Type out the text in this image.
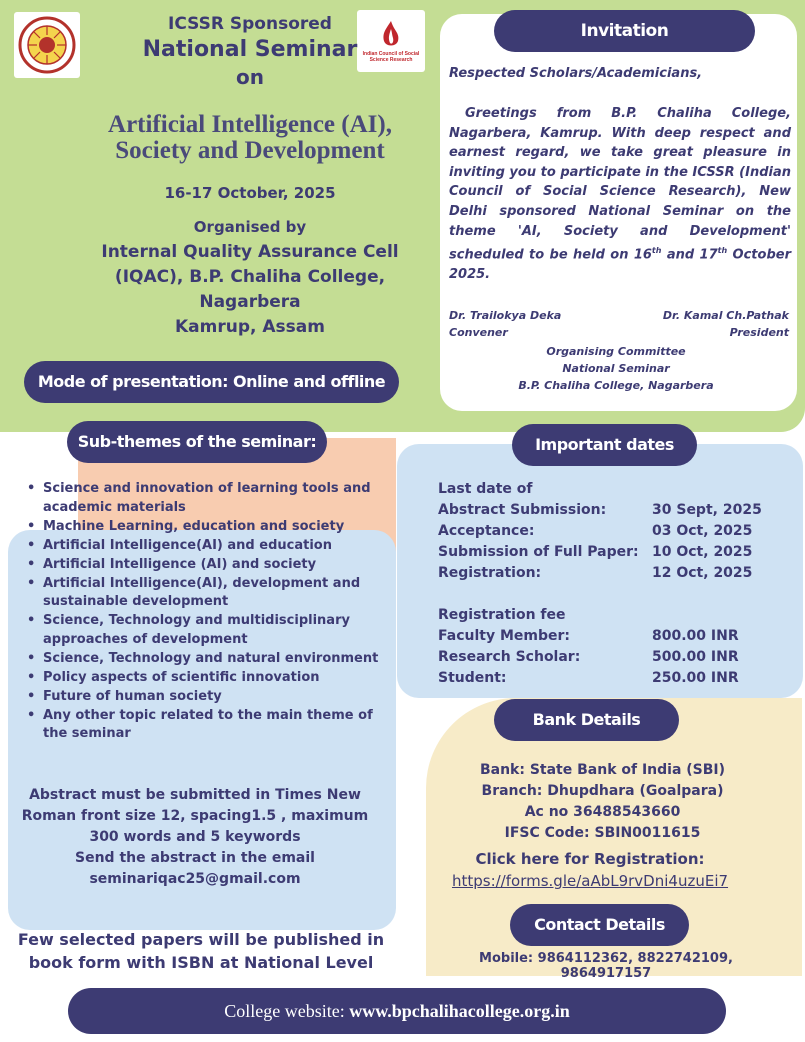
Indian Council of Social Science Research
ICSSR Sponsored
National Seminar
on
Artificial Intelligence (AI),
Society and Development
16-17 October, 2025
Organised by
Internal Quality Assurance Cell
(IQAC), B.P. Chaliha College,
Nagarbera
Kamrup, Assam
Mode of presentation: Online and offline
Invitation
Respected Scholars/Academicians,
Greetings from B.P. Chaliha College, Nagarbera, Kamrup. With deep respect and earnest regard, we take great pleasure in inviting you to participate in the ICSSR (Indian Council of Social Science Research), New Delhi sponsored National Seminar on the theme 'AI, Society and Development' scheduled to be held on 16th and 17th October 2025.
Dr. Trailokya Deka
Convener
Dr. Kamal Ch.Pathak
President
Organising Committee
National Seminar
B.P. Chaliha College, Nagarbera
Sub-themes of the seminar:
• Science and innovation of learning tools and academic materials
• Machine Learning, education and society
• Artificial Intelligence(AI) and education
• Artificial Intelligence (AI) and society
• Artificial Intelligence(AI), development and sustainable development
• Science, Technology and multidisciplinary approaches of development
• Science, Technology and natural environment
• Policy aspects of scientific innovation
• Future of human society
• Any other topic related to the main theme of the seminar
Abstract must be submitted in Times New
Roman front size 12, spacing1.5 , maximum
300 words and 5 keywords
Send the abstract in the email
seminariqac25@gmail.com
Few selected papers will be published in
book form with ISBN at National Level
Important dates
Last date of
Abstract Submission:	30 Sept, 2025
Acceptance:	03 Oct, 2025
Submission of Full Paper: 10 Oct, 2025
Registration:	12 Oct, 2025
Registration fee
Faculty Member:	800.00 INR
Research Scholar:	500.00 INR
Student:	250.00 INR
Bank Details
Bank: State Bank of India (SBI)
Branch: Dhupdhara (Goalpara)
Ac no 36488543660
IFSC Code: SBIN0011615
Click here for Registration:
https://forms.gle/aAbL9rvDni4uzuEi7
Contact Details
Mobile: 9864112362, 8822742109, 9864917157
College website: www.bpchalihacollege.org.in
